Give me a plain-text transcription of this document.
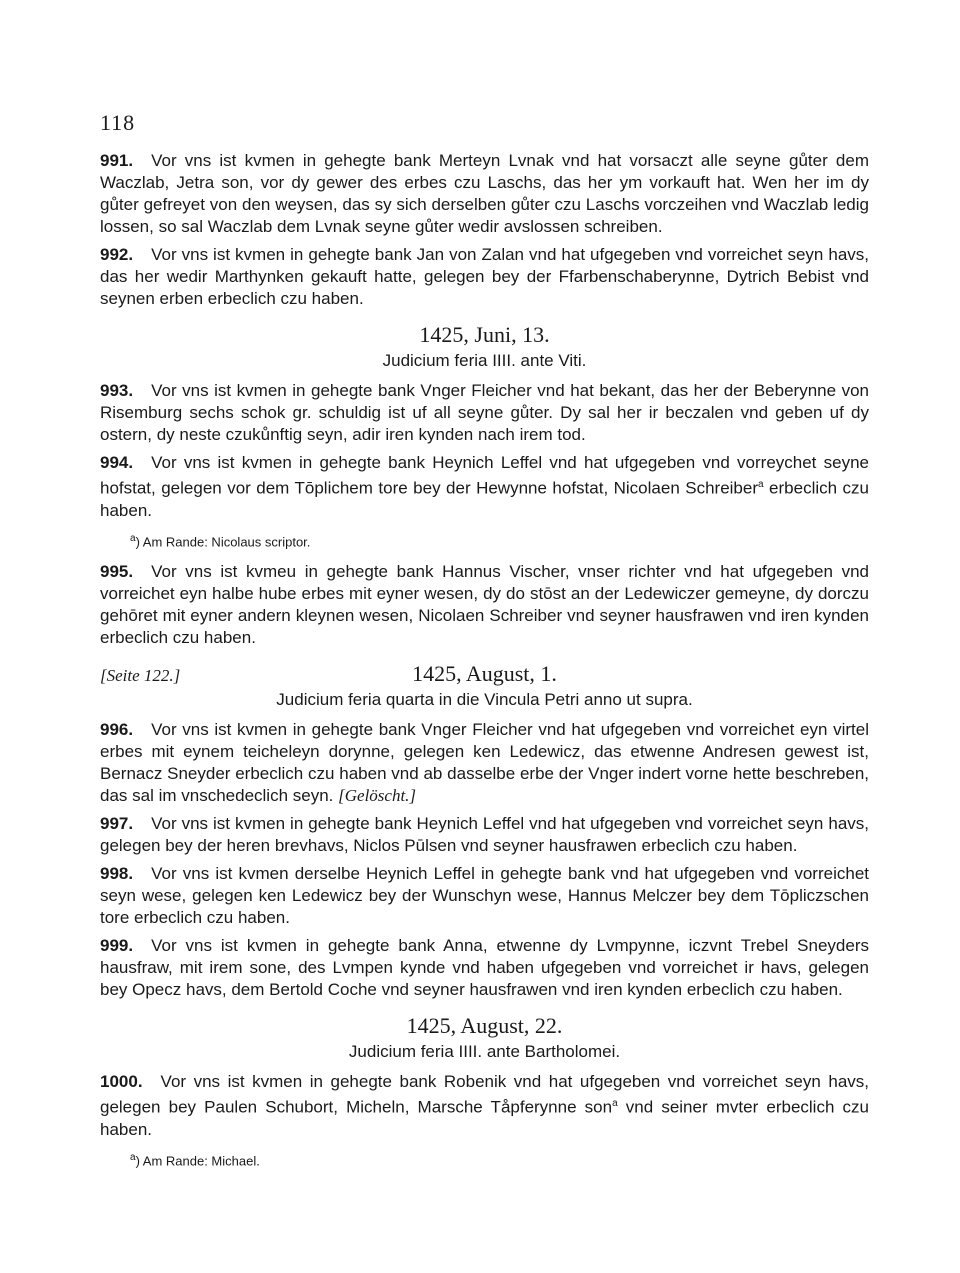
118

991. Vor vns ist kvmen in gehegte bank Merteyn Lvnak vnd hat vorsaczt alle seyne gůter dem Waczlab, Jetra son, vor dy gewer des erbes czu Laschs, das her ym vorkauft hat. Wen her im dy gůter gefreyet von den weysen, das sy sich derselben gůter czu Laschs vorczeihen vnd Waczlab ledig lossen, so sal Waczlab dem Lvnak seyne gůter wedir avslossen schreiben.

992. Vor vns ist kvmen in gehegte bank Jan von Zalan vnd hat ufgegeben vnd vorreichet seyn havs, das her wedir Marthynken gekauft hatte, gelegen bey der Ffarbenschaberynne, Dytrich Bebist vnd seynen erben erbeclich czu haben.

1425, Juni, 13.
Judicium feria IIII. ante Viti.

993. Vor vns ist kvmen in gehegte bank Vnger Fleicher vnd hat bekant, das her der Beberynne von Risemburg sechs schok gr. schuldig ist uf all seyne gůter. Dy sal her ir beczalen vnd geben uf dy ostern, dy neste czukůnftig seyn, adir iren kynden nach irem tod.

994. Vor vns ist kvmen in gehegte bank Heynich Leffel vnd hat ufgegeben vnd vorreychet seyne hofstat, gelegen vor dem Tōplichem tore bey der Hewynne hofstat, Nicolaen Schreiber$^a$ erbeclich czu haben.

$^a$) Am Rande: Nicolaus scriptor.

995. Vor vns ist kvmeu in gehegte bank Hannus Vischer, vnser richter vnd hat ufgegeben vnd vorreichet eyn halbe hube erbes mit eyner wesen, dy do stōst an der Ledewiczer gemeyne, dy dorczu gehōret mit eyner andern kleynen wesen, Nicolaen Schreiber vnd seyner hausfrawen vnd iren kynden erbeclich czu haben.

[Seite 122.]	1425, August, 1.
Judicium feria quarta in die Vincula Petri anno ut supra.

996. Vor vns ist kvmen in gehegte bank Vnger Fleicher vnd hat ufgegeben vnd vorreichet eyn virtel erbes mit eynem teicheleyn dorynne, gelegen ken Ledewicz, das etwenne Andresen gewest ist, Bernacz Sneyder erbeclich czu haben vnd ab dasselbe erbe der Vnger indert vorne hette beschreben, das sal im vnschedeclich seyn. [Gelöscht.]

997. Vor vns ist kvmen in gehegte bank Heynich Leffel vnd hat ufgegeben vnd vorreichet seyn havs, gelegen bey der heren brevhavs, Niclos Pūlsen vnd seyner hausfrawen erbeclich czu haben.

998. Vor vns ist kvmen derselbe Heynich Leffel in gehegte bank vnd hat ufgegeben vnd vorreichet seyn wese, gelegen ken Ledewicz bey der Wunschyn wese, Hannus Melczer bey dem Tōpliczschen tore erbeclich czu haben.

999. Vor vns ist kvmen in gehegte bank Anna, etwenne dy Lvmpynne, iczvnt Trebel Sneyders hausfraw, mit irem sone, des Lvmpen kynde vnd haben ufgegeben vnd vorreichet ir havs, gelegen bey Opecz havs, dem Bertold Coche vnd seyner hausfrawen vnd iren kynden erbeclich czu haben.

1425, August, 22.
Judicium feria IIII. ante Bartholomei.

1000. Vor vns ist kvmen in gehegte bank Robenik vnd hat ufgegeben vnd vorreichet seyn havs, gelegen bey Paulen Schubort, Micheln, Marsche Tåpferynne son$^a$ vnd seiner mvter erbeclich czu haben.

$^a$) Am Rande: Michael.
